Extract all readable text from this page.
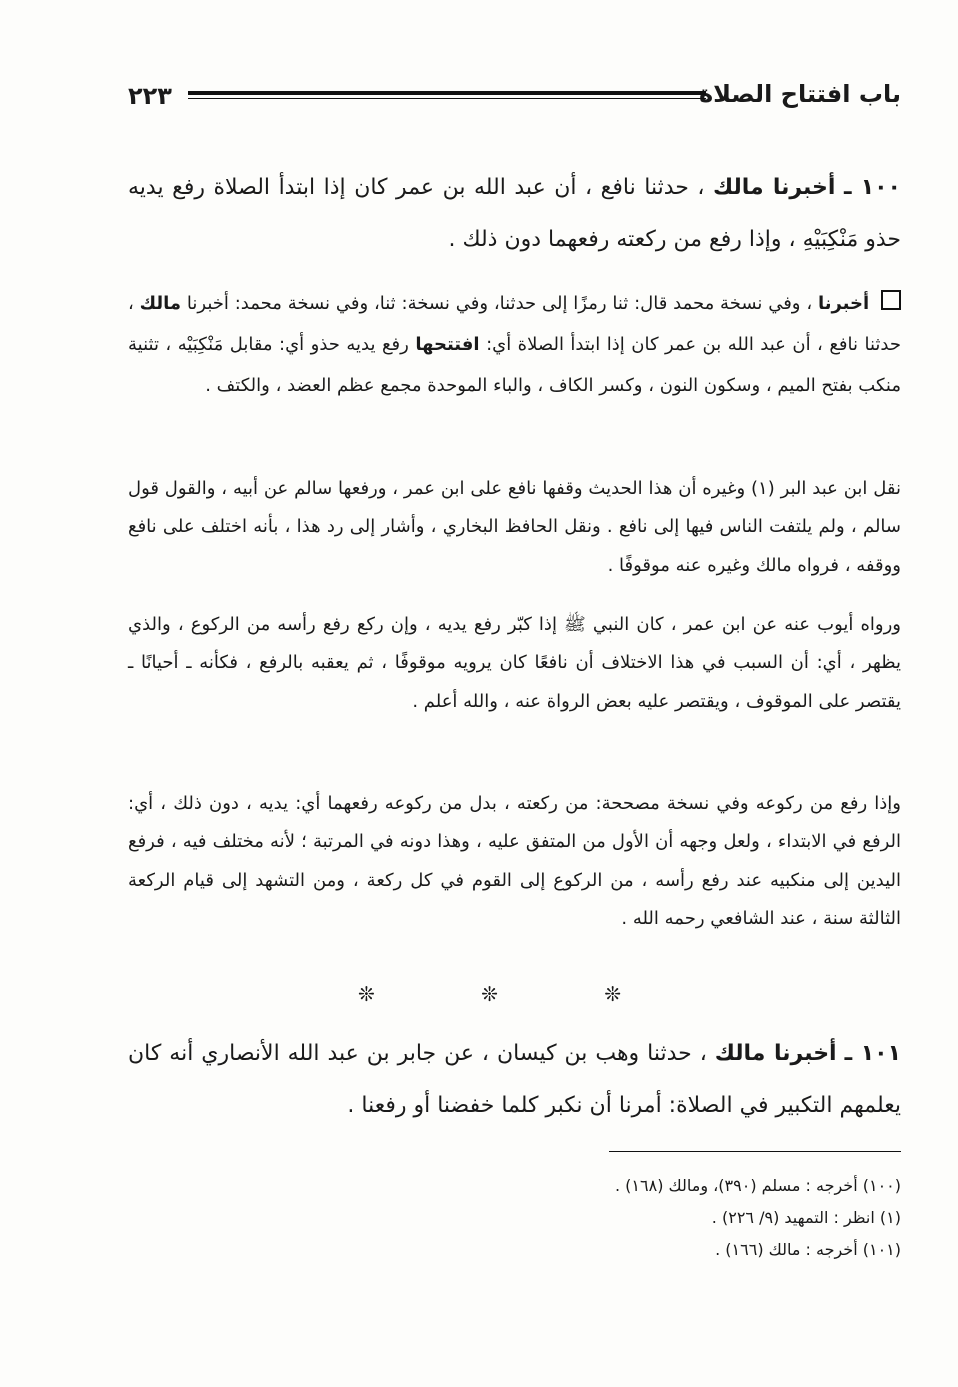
باب افتتاح الصلاة
٢٢٣
١٠٠ ـ أخبرنا مالك ، حدثنا نافع ، أن عبد الله بن عمر كان إذا ابتدأ الصلاة رفع يديه حذو مَنْكِبَيْهِ ، وإذا رفع من ركعته رفعهما دون ذلك .
أخبرنا ، وفي نسخة محمد قال: ثنا رمزًا إلى حدثنا، وفي نسخة: ثنا، وفي نسخة محمد: أخبرنا مالك ، حدثنا نافع ، أن عبد الله بن عمر كان إذا ابتدأ الصلاة أي: افتتحها رفع يديه حذو أي: مقابل مَنْكِبَيْه ، تثنية منكب بفتح الميم ، وسكون النون ، وكسر الكاف ، والباء الموحدة مجمع عظم العضد ، والكتف .
نقل ابن عبد البر (١) وغيره أن هذا الحديث وقفها نافع على ابن عمر ، ورفعها سالم عن أبيه ، والقول قول سالم ، ولم يلتفت الناس فيها إلى نافع . ونقل الحافظ البخاري ، وأشار إلى رد هذا ، بأنه اختلف على نافع ووقفه ، فرواه مالك وغيره عنه موقوفًا .
ورواه أيوب عنه عن ابن عمر ، كان النبي ﷺ إذا كبّر رفع يديه ، وإن ركع رفع رأسه من الركوع ، والذي يظهر ، أي: أن السبب في هذا الاختلاف أن نافعًا كان يرويه موقوفًا ، ثم يعقبه بالرفع ، فكأنه ـ أحيانًا ـ يقتصر على الموقوف ، ويقتصر عليه بعض الرواة عنه ، والله أعلم .
وإذا رفع من ركوعه وفي نسخة مصححة: من ركعته ، بدل من ركوعه رفعهما أي: يديه ، دون ذلك ، أي: الرفع في الابتداء ، ولعل وجهه أن الأول من المتفق عليه ، وهذا دونه في المرتبة ؛ لأنه مختلف فيه ، فرفع اليدين إلى منكبيه عند رفع رأسه ، من الركوع إلى القوم في كل ركعة ، ومن التشهد إلى قيام الركعة الثالثة سنة ، عند الشافعي رحمه الله .
❊ ❊ ❊
١٠١ ـ أخبرنا مالك ، حدثنا وهب بن كيسان ، عن جابر بن عبد الله الأنصاري أنه كان يعلمهم التكبير في الصلاة: أمرنا أن نكبر كلما خفضنا أو رفعنا .
(١٠٠) أخرجه : مسلم (٣٩٠)، ومالك (١٦٨) .
(١) انظر : التمهيد (٩/ ٢٢٦) .
(١٠١) أخرجه : مالك (١٦٦) .
